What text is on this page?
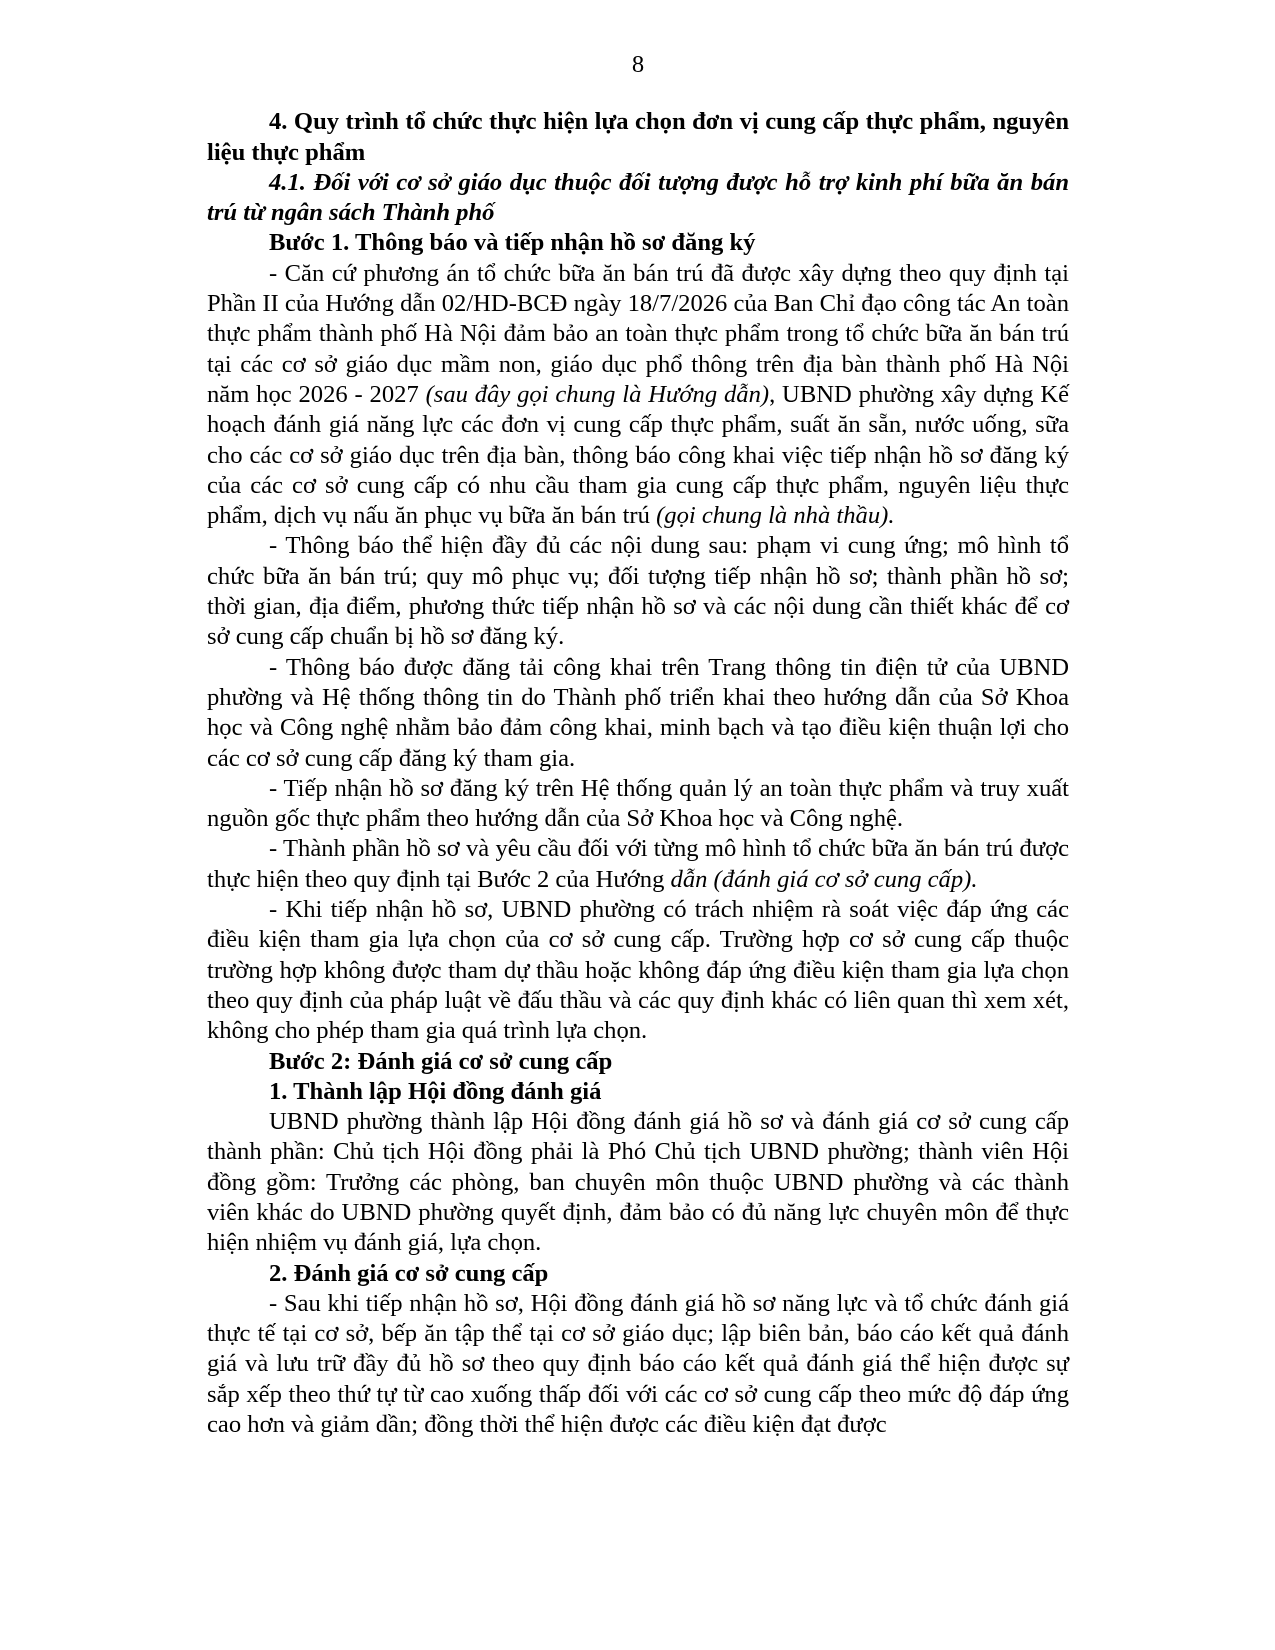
8

4. Quy trình tổ chức thực hiện lựa chọn đơn vị cung cấp thực phẩm, nguyên liệu thực phẩm

4.1. Đối với cơ sở giáo dục thuộc đối tượng được hỗ trợ kinh phí bữa ăn bán trú từ ngân sách Thành phố

Bước 1. Thông báo và tiếp nhận hồ sơ đăng ký

- Căn cứ phương án tổ chức bữa ăn bán trú đã được xây dựng theo quy định tại Phần II của Hướng dẫn 02/HD-BCĐ ngày 18/7/2026 của Ban Chỉ đạo công tác An toàn thực phẩm thành phố Hà Nội đảm bảo an toàn thực phẩm trong tổ chức bữa ăn bán trú tại các cơ sở giáo dục mầm non, giáo dục phổ thông trên địa bàn thành phố Hà Nội năm học 2026 - 2027 (sau đây gọi chung là Hướng dẫn), UBND phường xây dựng Kế hoạch đánh giá năng lực các đơn vị cung cấp thực phẩm, suất ăn sẵn, nước uống, sữa cho các cơ sở giáo dục trên địa bàn, thông báo công khai việc tiếp nhận hồ sơ đăng ký của các cơ sở cung cấp có nhu cầu tham gia cung cấp thực phẩm, nguyên liệu thực phẩm, dịch vụ nấu ăn phục vụ bữa ăn bán trú (gọi chung là nhà thầu).

- Thông báo thể hiện đầy đủ các nội dung sau: phạm vi cung ứng; mô hình tổ chức bữa ăn bán trú; quy mô phục vụ; đối tượng tiếp nhận hồ sơ; thành phần hồ sơ; thời gian, địa điểm, phương thức tiếp nhận hồ sơ và các nội dung cần thiết khác để cơ sở cung cấp chuẩn bị hồ sơ đăng ký.

- Thông báo được đăng tải công khai trên Trang thông tin điện tử của UBND phường và Hệ thống thông tin do Thành phố triển khai theo hướng dẫn của Sở Khoa học và Công nghệ nhằm bảo đảm công khai, minh bạch và tạo điều kiện thuận lợi cho các cơ sở cung cấp đăng ký tham gia.

- Tiếp nhận hồ sơ đăng ký trên Hệ thống quản lý an toàn thực phẩm và truy xuất nguồn gốc thực phẩm theo hướng dẫn của Sở Khoa học và Công nghệ.

- Thành phần hồ sơ và yêu cầu đối với từng mô hình tổ chức bữa ăn bán trú được thực hiện theo quy định tại Bước 2 của Hướng dẫn (đánh giá cơ sở cung cấp).

- Khi tiếp nhận hồ sơ, UBND phường có trách nhiệm rà soát việc đáp ứng các điều kiện tham gia lựa chọn của cơ sở cung cấp. Trường hợp cơ sở cung cấp thuộc trường hợp không được tham dự thầu hoặc không đáp ứng điều kiện tham gia lựa chọn theo quy định của pháp luật về đấu thầu và các quy định khác có liên quan thì xem xét, không cho phép tham gia quá trình lựa chọn.

Bước 2: Đánh giá cơ sở cung cấp

1. Thành lập Hội đồng đánh giá

UBND phường thành lập Hội đồng đánh giá hồ sơ và đánh giá cơ sở cung cấp thành phần: Chủ tịch Hội đồng phải là Phó Chủ tịch UBND phường; thành viên Hội đồng gồm: Trưởng các phòng, ban chuyên môn thuộc UBND phường và các thành viên khác do UBND phường quyết định, đảm bảo có đủ năng lực chuyên môn để thực hiện nhiệm vụ đánh giá, lựa chọn.

2. Đánh giá cơ sở cung cấp

- Sau khi tiếp nhận hồ sơ, Hội đồng đánh giá hồ sơ năng lực và tổ chức đánh giá thực tế tại cơ sở, bếp ăn tập thể tại cơ sở giáo dục; lập biên bản, báo cáo kết quả đánh giá và lưu trữ đầy đủ hồ sơ theo quy định báo cáo kết quả đánh giá thể hiện được sự sắp xếp theo thứ tự từ cao xuống thấp đối với các cơ sở cung cấp theo mức độ đáp ứng cao hơn và giảm dần; đồng thời thể hiện được các điều kiện đạt được
